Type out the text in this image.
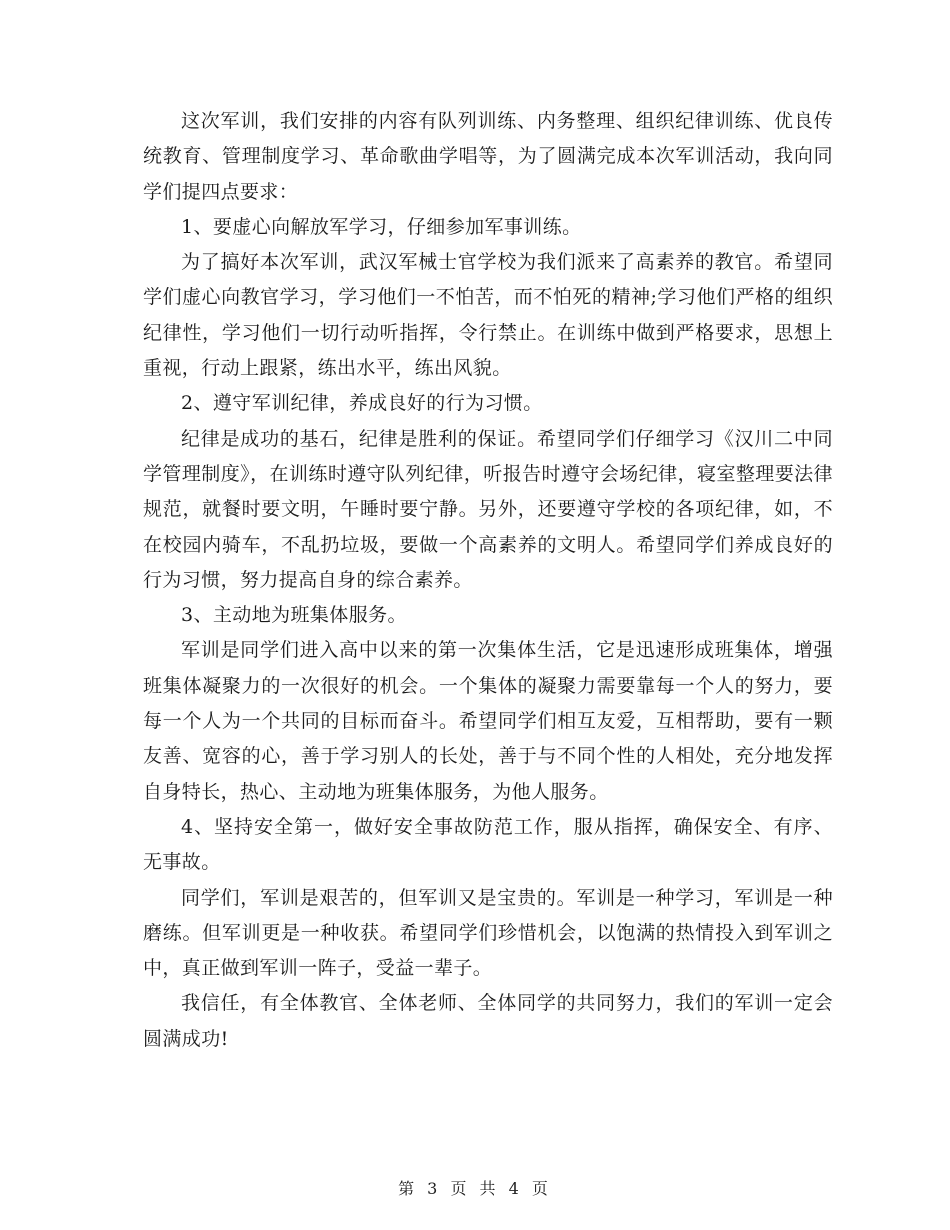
这次军训，我们安排的内容有队列训练、内务整理、组织纪律训练、优良传统教育、管理制度学习、革命歌曲学唱等，为了圆满完成本次军训活动，我向同学们提四点要求：

1、要虚心向解放军学习，仔细参加军事训练。

为了搞好本次军训，武汉军械士官学校为我们派来了高素养的教官。希望同学们虚心向教官学习，学习他们一不怕苦，而不怕死的精神;学习他们严格的组织纪律性，学习他们一切行动听指挥，令行禁止。在训练中做到严格要求，思想上重视，行动上跟紧，练出水平，练出风貌。

2、遵守军训纪律，养成良好的行为习惯。

纪律是成功的基石，纪律是胜利的保证。希望同学们仔细学习《汉川二中同学管理制度》，在训练时遵守队列纪律，听报告时遵守会场纪律，寝室整理要法律规范，就餐时要文明，午睡时要宁静。另外，还要遵守学校的各项纪律，如，不在校园内骑车，不乱扔垃圾，要做一个高素养的文明人。希望同学们养成良好的行为习惯，努力提高自身的综合素养。

3、主动地为班集体服务。

军训是同学们进入高中以来的第一次集体生活，它是迅速形成班集体，增强班集体凝聚力的一次很好的机会。一个集体的凝聚力需要靠每一个人的努力，要每一个人为一个共同的目标而奋斗。希望同学们相互友爱，互相帮助，要有一颗友善、宽容的心，善于学习别人的长处，善于与不同个性的人相处，充分地发挥自身特长，热心、主动地为班集体服务，为他人服务。

4、坚持安全第一，做好安全事故防范工作，服从指挥，确保安全、有序、无事故。

同学们，军训是艰苦的，但军训又是宝贵的。军训是一种学习，军训是一种磨练。但军训更是一种收获。希望同学们珍惜机会，以饱满的热情投入到军训之中，真正做到军训一阵子，受益一辈子。

我信任，有全体教官、全体老师、全体同学的共同努力，我们的军训一定会圆满成功!

第 3 页 共 4 页
